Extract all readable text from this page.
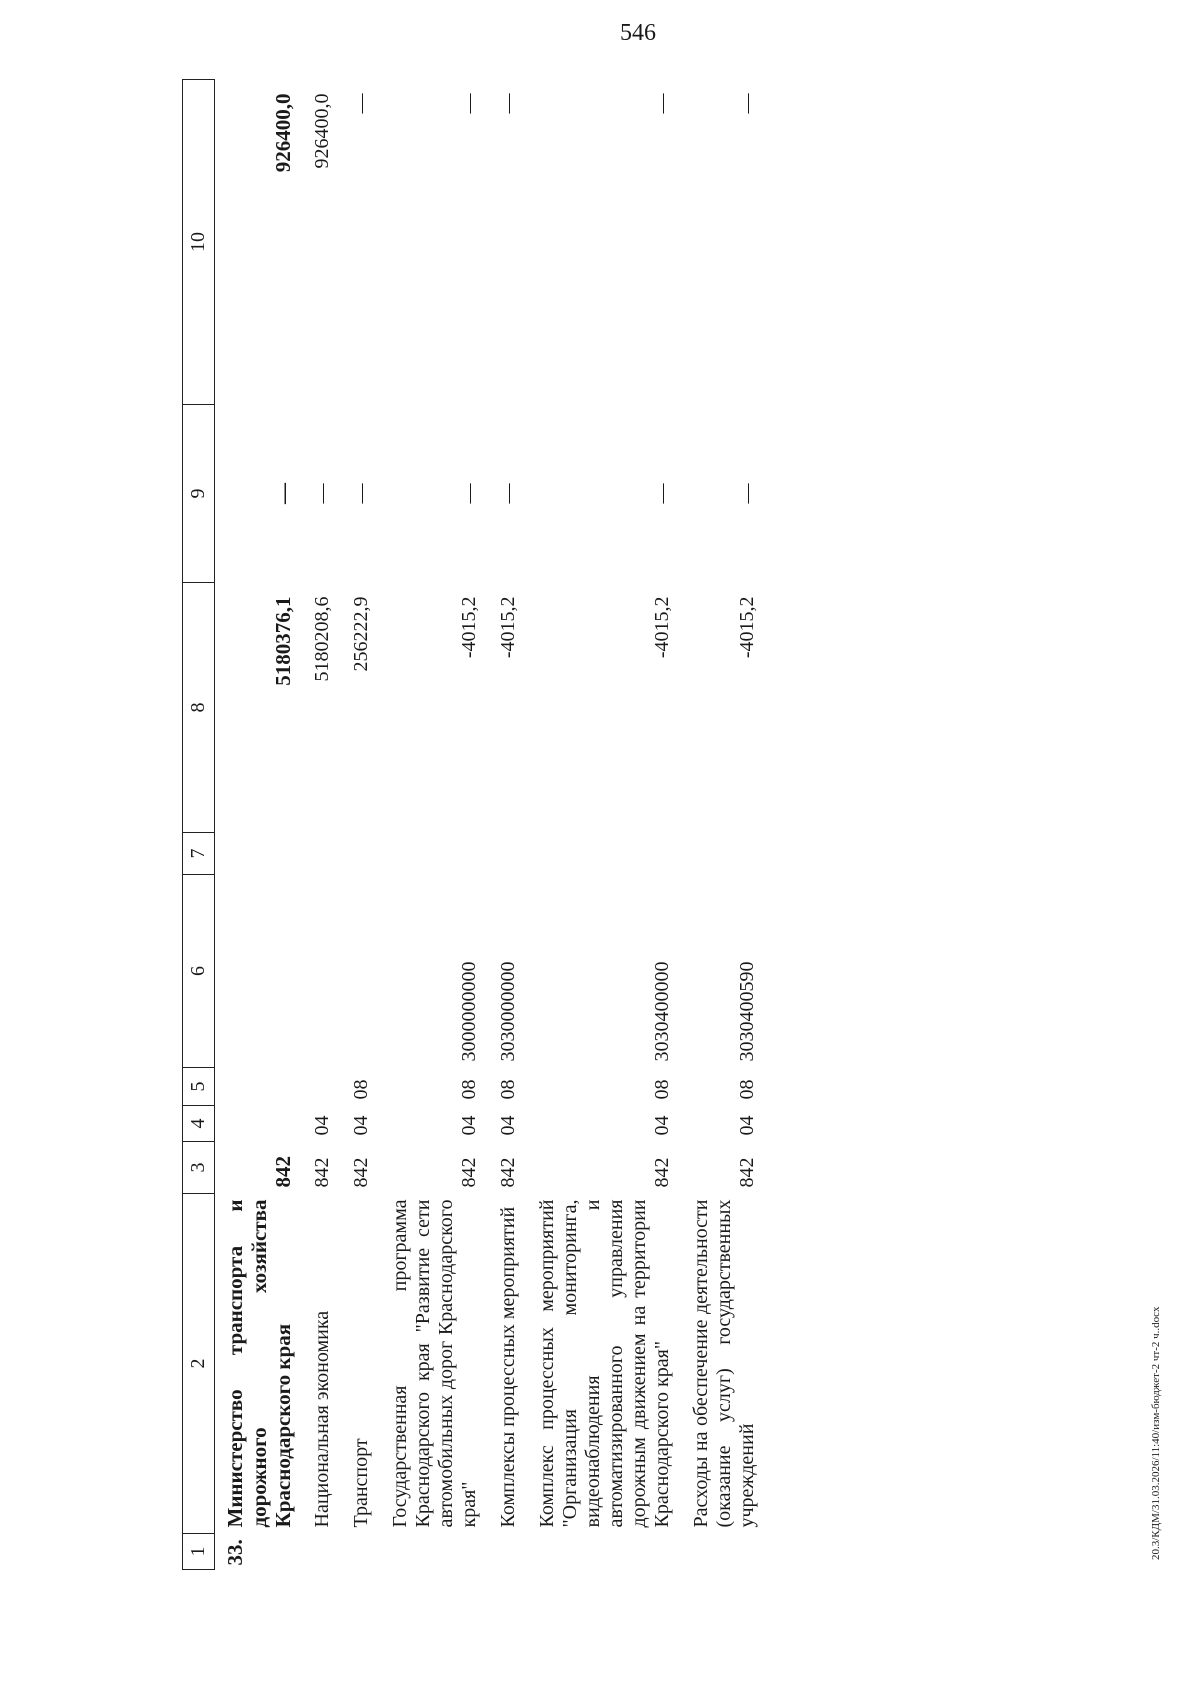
546
20.3/КДМ/31.03.2026/11:40/изм-бюджет-2 чт-2 ч..docx
1	2	3	4	5	6	7	8	9	10
33.	Министерство транспорта и дорожного хозяйства Краснодарского края	842					5180376,1	—	926400,0
	Национальная экономика	842	04				5180208,6	—	926400,0
	Транспорт	842	04	08			256222,9	—	—
	Государственная программа Краснодарского края "Развитие сети автомобильных дорог Краснодарского края"	842	04	08	3000000000		-4015,2	—	—
	Комплексы процессных мероприятий	842	04	08	3030000000		-4015,2	—	—
	Комплекс процессных мероприятий "Организация мониторинга, видеонаблюдения и автоматизированного управления дорожным движением на территории Краснодарского края"	842	04	08	3030400000		-4015,2	—	—
	Расходы на обеспечение деятельности (оказание услуг) государственных учреждений	842	04	08	3030400590		-4015,2	—	—
